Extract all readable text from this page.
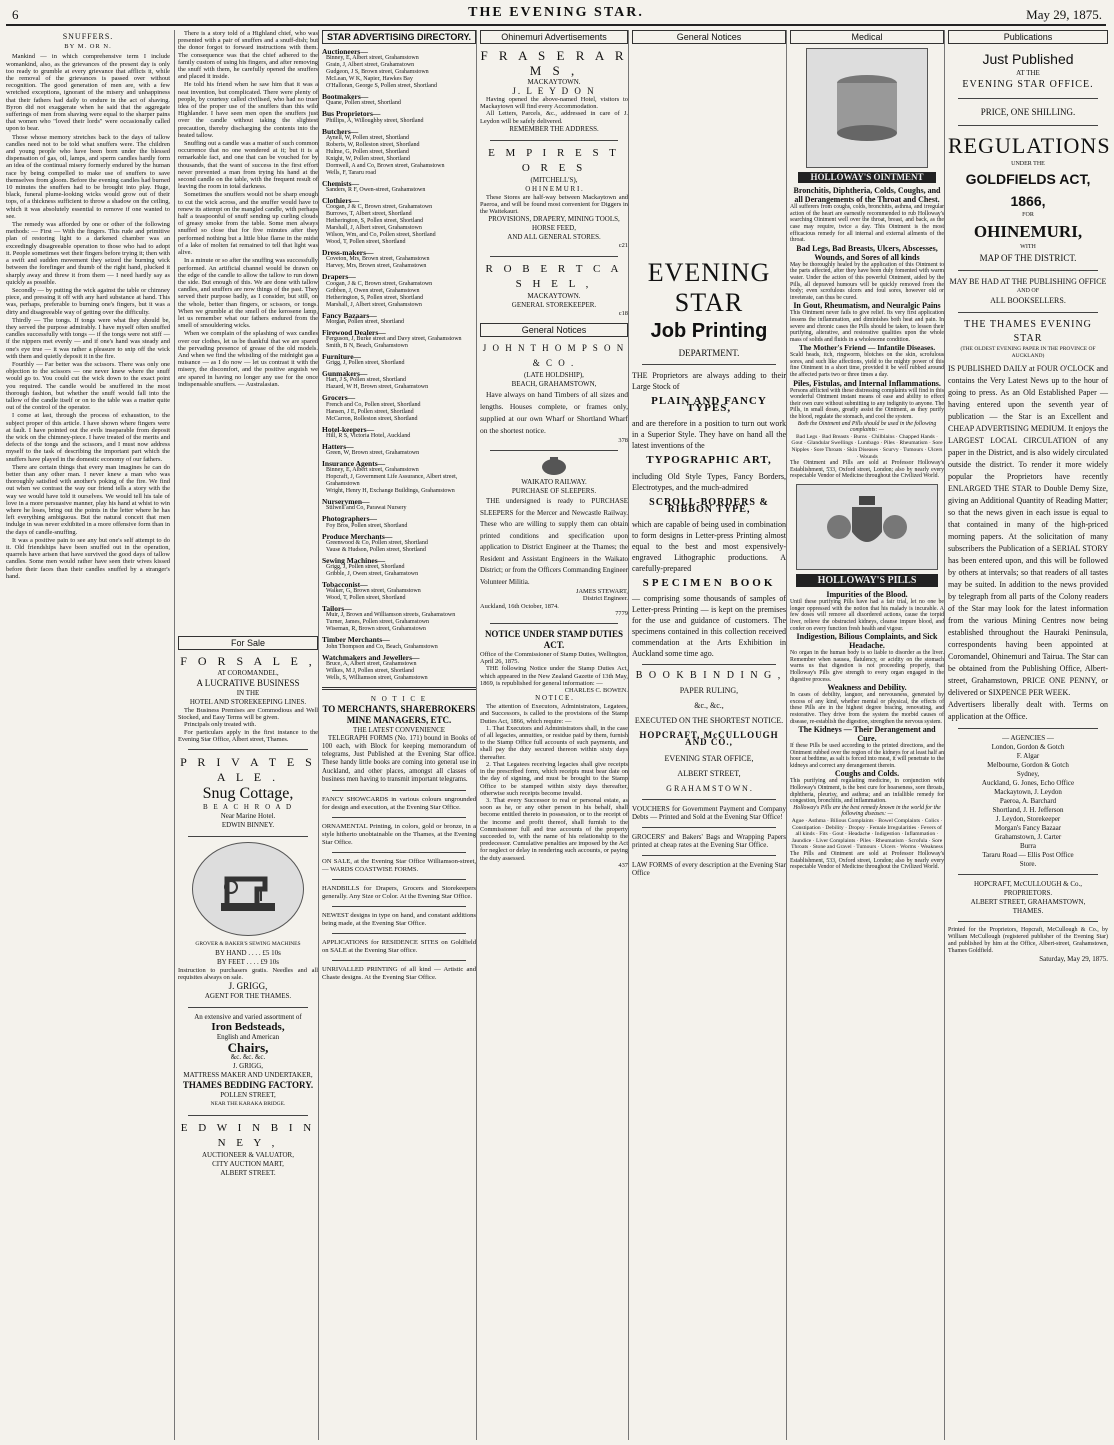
6	THE EVENING STAR.	May 29, 1875.
SNUFFERS.
BY M. OR N.

Mankind — in which comprehensive term I include womankind, also, as the grievances of the present day is only too ready to grumble at every grievance that afflicts it, while the removal of the grievances is passed over without recognition. The good generation of men are, with a few wretched exceptions, ignorant of the misery and unhappiness that their fathers had daily to endure in the act of shaving. Byron did not exaggerate when he said that the aggregate sufferings of men from shaving were equal to the sharper pains that women who "loved their lords" were occasionally called upon to bear.

Those whose memory stretches back to the days of tallow candles need not to be told what snuffers were. The children and young people who have been born under the blessed dispensation of gas, oil, lamps, and sperm candles hardly form an idea of the continual misery formerly endured by the human race by being compelled to make use of snuffers to save themselves from gloom. Before the evening candles had burned 10 minutes the snuffers had to be brought into play. Huge, black, funeral plume-looking wicks would grow out of their tops, of a thickness sufficient to throw a shadow on the ceiling, which it was absolutely essential to remove if one wanted to see.

The remedy was afforded by one or other of the following methods: — First — With the fingers. This rude and primitive plan of restoring light to a darkened chamber was an exceedingly disagreeable operation to those who had to adopt it. People sometimes wet their fingers before trying it; then with a swift and sudden movement they seized the burning wick between the forefinger and thumb of the right hand, plucked it sharply away and threw it from them — I need hardly say as quickly as possible.

Secondly — by putting the wick against the table or chimney piece, and pressing it off with any hard substance at hand. This was, perhaps, preferable to burning one's fingers, but it was a dirty and disagreeable way of getting over the difficulty.

Thirdly — The tongs. If tongs were what they should be, they served the purpose admirably. I have myself often snuffed candles successfully with tongs — if the tongs were not stiff — if the nippers met evenly — and if one's hand was steady and one's eye true — it was rather a pleasure to snip off the wick with them and quietly deposit it in the fire.

Fourthly — Far better was the scissors. There was only one objection to the scissors — one never knew where the snuff would go to. You could cut the wick down to the exact point you required. The candle would be snuffered in the most thorough fashion, but whether the snuff would fall into the tallow of the candle itself or on to the table was a matter quite out of the control of the operator.

I come at last, through the process of exhaustion, to the subject proper of this article. I have shown where fingers were at fault. I have pointed out the evils inseparable from deposit the wick on the chimney-piece. I have treated of the merits and defects of the tongs and the scissors, and I must now address myself to the task of describing the important part which the snuffers have played in the domestic economy of our fathers.

There are certain things that every man imagines he can do better than any other man. I never knew a man who was thoroughly satisfied with another's poking of the fire. We find out when we contrast the way our friend tells a story with the way we would have told it ourselves. We would tell his tale of love in a more persuasive manner, play his hand at whist to win where he loses, bring out the points in the letter where he has left everything ambiguous. But the natural conceit that men indulge in was never exhibited in a more offensive form than in the days of candle-snuffing.

It was a positive pain to see any but one's self attempt to do it. Old friendships have been snuffed out in the operation, quarrels have arisen that have survived the good days of tallow candles. Some men would rather have seen their wives kissed before their faces than their candles snuffed by a stranger's hand.

There is a story told of a Highland chief, who was presented with a pair of snuffers and a snuff-dish; but the donor forgot to forward instructions with them. The consequence was that the chief adhered to the family custom of using his fingers, and after removing the snuff with them, he carefully opened the snuffers and placed it inside.

He told his friend when he saw him that it was a neat invention, but complicated. There were plenty of people, by courtesy called civilised, who had no truer idea of the proper use of the snuffers than this wild Highlander. I have seen men open the snuffers just over the candle without taking the slightest precaution, thereby discharging the contents into the heated tallow.

Snuffing out a candle was a matter of such common occurrence that no one wondered at it; but it is a remarkable fact, and one that can be vouched for by thousands, that the want of success in the first effort never prevented a man from trying his hand at the second candle on the table, with the frequent result of leaving the room in total darkness.

Sometimes the snuffers would not be sharp enough to cut the wick across, and the snuffer would have to renew its attempt on the mangled candle, with perhaps half a teaspoonful of snuff sending up curling clouds of greasy smoke from the table. Some men always snuffed so close that for five minutes after they performed nothing but a little blue flame in the midst of a lake of molten fat remained to tell that light was alive.

In a minute or so after the snuffing was successfully performed. An artificial channel would be drawn on the edge of the candle to allow the tallow to run down the side. But enough of this. We are done with tallow candles, and snuffers are now things of the past. They served their purpose badly, as I consider, but still, on the whole, better than fingers, or scissors, or tongs. When we grumble at the smell of the kerosene lamp, let us remember what our fathers endured from the smell of smouldering wicks.

When we complain of the splashing of wax candles over our clothes, let us be thankful that we are spared the pervading presence of grease of the old models. And when we find the whistling of the midnight gas a nuisance — as I do now — let us contrast it with the misery, the discomfort, and the positive anguish we are spared in having no longer any use for the once indispensable snuffers. — Australasian.

For Sale
F O R S A L E ,
AT COROMANDEL,
A LUCRATIVE BUSINESS
IN THE
HOTEL AND STOREKEEPING LINES.

The Business Premises are Commodious and Well Stocked, and Easy Terms will be given.

Principals only treated with.

For particulars apply in the first instance to the Evening Star Office, Albert street, Thames.

P R I V A T E S A L E .
Snug Cottage,
B E A C H R O A D
Near Marine Hotel.
EDWIN BINNEY.
GROVER & BAKER'S SEWING MACHINES
BY HAND . . . . £5 10s
BY FEET . . . . £9 10s

Instruction to purchasers gratis. Needles and all requisites always on sale.

J. GRIGG,
AGENT FOR THE THAMES.
An extensive and varied assortment of
Iron Bedsteads,
English and American
Chairs,
&c. &c. &c.
J. GRIGG,
MATTRESS MAKER AND UNDERTAKER,
THAMES BEDDING FACTORY.
POLLEN STREET,
NEAR THE KARAKA BRIDGE.
E D W I N B I N N E Y ,
AUCTIONEER & VALUATOR,
CITY AUCTION MART,
ALBERT STREET.
STAR ADVERTISING DIRECTORY.
Auctioneers—
Binney, E, Albert street, Grahamstown
Grain, J, Albert street, Grahamstown
Gudgeon, J S, Brown street, Grahamstown
McLean, W K, Napier, Hawkes Bay
O'Halloran, George S, Pollen street, Shortland
Bootmakers—
Quane, Pollen street, Shortland
Bus Proprietors—
Phillips, A, Willoughby street, Shortland
Butchers—
Aynell, W, Pollen street, Shortland
Roberts, W, Rolleston street, Shortland
Hulme, G, Pollen street, Shortland
Knight, W, Pollen street, Shortland
Dornwell, A and Co, Brown street, Grahamstown
Wells, F, Tararu road
Chemists—
Sanders, R F, Owen-street, Grahamstown
Clothiers—
Coogan, J & C, Brown street, Grahamstown
Burrows, T, Albert street, Shortland
Hetherington, S, Pollen street, Shortland
Marshall, J, Albert street, Grahamstown
Wilson, Wm, and Co, Pollen street, Shortland
Wood, T, Pollen street, Shortland
Dress-makers—
Coveton, Mrs, Brown street, Grahamstown
Harvey, Mrs, Brown street, Grahamstown
Drapers—
Coogan, J & C, Brown street, Grahamstown
Gribben, J, Owen street, Grahamstown
Hetherington, S, Pollen street, Shortland
Marshall, J, Albert street, Grahamstown
Fancy Bazaars—
Morgan, Pollen street, Shortland
Firewood Dealers—
Ferguson, J, Burke street and Davy street, Grahamstown
Smith, B N, Beach, Grahamstown
Furniture—
Grigg, J, Pollen street, Shortland
Gunmakers—
Hart, J S, Pollen street, Shortland
Hazard, W H, Brown street, Grahamstown
Grocers—
French and Co, Pollen street, Shortland
Hansen, J E, Pollen street, Shortland
McCarron, Rolleston street, Shortland
Hotel-keepers—
Hill, R S, Victoria Hotel, Auckland
Hatters—
Green, W, Brown street, Grahamstown
Insurance Agents—
Binney, E, Albert street, Grahamstown
Hopcraft, J, Government Life Assurance, Albert street, Grahamstown
Wright, Henry H, Exchange Buildings, Grahamstown
Nurserymen—
Stilwell and Co, Parawai Nursery
Photographers—
Foy Bros, Pollen street, Shortland
Produce Merchants—
Greenwood & Co, Pollen street, Shortland
Vause & Hudson, Pollen street, Shortland
Sewing Machines—
Grigg, J, Pollen street, Shortland
Gribble, J, Owen street, Grahamstown
Tobacconist—
Walker, G, Brown street, Grahamstown
Wood, T, Pollen street, Shortland
Tailors—
Muir, J, Brown and Williamson streets, Grahamstown
Turner, James, Pollen street, Grahamstown
Wiseman, R, Brown street, Grahamstown
Timber Merchants—
John Thompson and Co, Beach, Grahamstown
Watchmakers and Jewellers—
Bruce, A, Albert street, Grahamstown
Wilkes, M J, Pollen street, Shortland
Wells, S, Williamson street, Grahamstown
N O T I C E
TO MERCHANTS, SHAREBROKERS MINE MANAGERS, ETC.
THE LATEST CONVENIENCE

TELEGRAPH FORMS (No. 171) bound in Books of 100 each, with Block for keeping memorandum of telegrams, Just Published at the Evening Star office. These handy little books are coming into general use in Auckland, and other places, amongst all classes of business men having to transmit important telegrams.

FANCY SHOWCARDS in various colours ungrounded for design and execution, at the Evening Star Office.

ORNAMENTAL Printing, in colors, gold or bronze, in a style hitherto unobtainable on the Thames, at the Evening Star Office.

ON SALE, at the Evening Star Office Williamson-street, — WARDS COASTWISE FORMS.

HANDBILLS for Drapers, Grocers and Storekeepers generally. Any Size or Color. At the Evening Star Office.

NEWEST designs in type on hand, and constant additions being made, at the Evening Star Office.

APPLICATIONS for RESIDENCE SITES on Goldfield on SALE at the Evening Star office.

UNRIVALLED PRINTING of all kind — Artistic and Chaste designs. At the Evening Star Office.

Ohinemuri Advertisements
F R A S E R A R M S ,
MACKAYTOWN.
J. L E Y D O N

Having opened the above-named Hotel, visitors to Mackaytown will find every Accommodation.

All Letters, Parcels, &c., addressed in care of J. Leydon will be safely delivered.

REMEMBER THE ADDRESS.
E M P I R E S T O R E S
(MITCHELL'S),
O H I N E M U R I .

These Stores are half-way between Mackaytown and Paeroa, and will be found most convenient for Diggers in the Waitekauri.

PROVISIONS, DRAPERY, MINING TOOLS, HORSE FEED,
AND ALL GENERAL STORES.
c21
R O B E R T C A S H E L ,
MACKAYTOWN.
GENERAL STOREKEEPER.
c18
General Notices
J O H N T H O M P S O N & C O .
(LATE HOLDSHIP),
BEACH, GRAHAMSTOWN,

Have always on hand Timbers of all sizes and lengths. Houses complete, or frames only, supplied at our own Wharf or Shortland Wharf on the shortest notice.

378
WAIKATO RAILWAY.
PURCHASE OF SLEEPERS.

THE undersigned is ready to PURCHASE SLEEPERS for the Mercer and Newcastle Railway. These who are willing to supply them can obtain printed conditions and specification upon application to District Engineer at the Thames; the Resident and Assistant Engineers in the Waikato District; or from the Officers Commanding Engineer Volunteer Militia.

JAMES STEWART,
District Engineer.
Auckland, 16th October, 1874.
7779
NOTICE UNDER STAMP DUTIES ACT.

Office of the Commissioner of Stamp Duties, Wellington, April 26, 1875.

THE following Notice under the Stamp Duties Act, which appeared in the New Zealand Gazette of 13th May, 1869, is republished for general information: —

CHARLES C. BOWEN.
N O T I C E .

The attention of Executors, Administrators, Legatees, and Successors, is called to the provisions of the Stamp Duties Act, 1866, which require: —

1. That Executors and Administrators shall, in the case of all legacies, annuities, or residue paid by them, furnish to the Stamp Office full accounts of such payments, and shall pay the duty secured thereon within sixty days thereafter.

2. That Legatees receiving legacies shall give receipts in the prescribed form, which receipts must bear date on the day of signing, and must be brought to the Stamp Office to be stamped within sixty days thereafter, otherwise such receipts become invalid.

3. That every Successor to real or personal estate, as soon as he, or any other person in his behalf, shall become entitled thereto in possession, or to the receipt of the income and profit thereof, shall furnish to the Commissioner full and true accounts of the property succeeded to, with the name of his relationship to the predecessor. Cumulative penalties are imposed by the Act for neglect or delay in rendering such accounts, or paying the duty assessed.

437
General Notices
EVENING STAR
Job Printing
DEPARTMENT.
THE Proprietors are always adding to their Large Stock of
PLAIN AND FANCY TYPES,
and are therefore in a position to turn out work in a Superior Style. They have on hand all the latest inventions of the
TYPOGRAPHIC ART,
including Old Style Types, Fancy Borders, Electrotypes, and the much-admired
SCROLL-BORDERS & RIBBON TYPE,
which are capable of being used in combination to form designs in Letter-press Printing almost equal to the best and most expensively-engraved Lithographic productions. A carefully-prepared
SPECIMEN BOOK
— comprising some thousands of samples of Letter-press Printing — is kept on the premises for the use and guidance of customers. The specimens contained in this collection received commendation at the Arts Exhibition in Auckland some time ago.
B O O K B I N D I N G ,
PAPER RULING,
&c., &c.,
EXECUTED ON THE SHORTEST NOTICE.
HOPCRAFT, McCULLOUGH AND CO.,
EVENING STAR OFFICE,
ALBERT STREET,
G R A H A M S T O W N .

VOUCHERS for Government Payment and Company Debts — Printed and Sold at the Evening Star Office!

GROCERS' and Bakers' Bags and Wrapping Papers printed at cheap rates at the Evening Star Office.

LAW FORMS of every description at the Evening Star Office

Medical
HOLLOWAY'S OINTMENT
Bronchitis, Diphtheria, Colds, Coughs, and all Derangements of the Throat and Chest.

All sufferers from coughs, colds, bronchitis, asthma, and irregular action of the heart are earnestly recommended to rub Holloway's searching Ointment well over the throat, breast, and back, as the case may require, twice a day. This Ointment is the most efficacious remedy for all internal and external ailments of the throat.

Bad Legs, Bad Breasts, Ulcers, Abscesses, Wounds, and Sores of all kinds

May be thoroughly healed by the application of this Ointment to the parts affected, after they have been duly fomented with warm water. Under the action of this powerful Ointment, aided by the Pills, all depraved humours will be quickly removed from the body; even scrofulous ulcers and foul sores, however old or inveterate, can thus be cured.

In Gout, Rheumatism, and Neuralgic Pains

This Ointment never fails to give relief. Its very first application lessens the inflammation, and diminishes both heat and pain. In severe and chronic cases the Pills should be taken, to lessen their purifying, alterative, and restorative qualities upon the whole mass of solids and fluids in a wholesome condition.

The Mother's Friend — Infantile Diseases.

Scald heads, itch, ringworm, blotches on the skin, scrofulous sores, and such like affections, yield to the mighty power of this fine Ointment in a short time, provided it be well rubbed around the affected parts two or three times a day.

Piles, Fistulas, and Internal Inflammations.

Persons afflicted with these distressing complaints will find in this wonderful Ointment instant means of ease and ability to effect their own cure without submitting to any indignity to anyone. The Pills, in small doses, greatly assist the Ointment, as they purify the blood, regulate the stomach, and cool the system.

Both the Ointment and Pills should be used in the following complaints: —

Bad Legs · Bad Breasts · Burns · Chilblains · Chapped Hands · Gout · Glandular Swellings · Lumbago · Piles · Rheumatism · Sore Nipples · Sore Throats · Skin Diseases · Scurvy · Tumours · Ulcers · Wounds

The Ointment and Pills are sold at Professor Holloway's Establishment, 533, Oxford street, London; also by nearly every respectable Vendor of Medicine throughout the Civilized World.

HOLLOWAY'S PILLS
Impurities of the Blood.

Until these purifying Pills have had a fair trial, let no one be longer oppressed with the notion that his malady is incurable. A few doses will remove all disordered actions, cause the torpid liver, relieve the obstructed kidneys, cleanse impure blood, and confer on every function fresh health and vigour.

Indigestion, Bilious Complaints, and Sick Headache.

No organ in the human body is so liable to disorder as the liver. Remember when nausea, flatulency, or acidity on the stomach warns us that digestion is not proceeding properly, that Holloway's Pills give strength to every organ engaged in the digestive process.

Weakness and Debility.

In cases of debility, languor, and nervousness, generated by excess of any kind, whether mental or physical, the effects of these Pills are in the highest degree bracing, renovating, and restorative. They drive from the system the morbid causes of disease, re-establish the digestion, strengthen the nervous system.

The Kidneys — Their Derangement and Cure.

If these Pills be used according to the printed directions, and the Ointment rubbed over the region of the kidneys for at least half an hour at bedtime, as salt is forced into meat, it will penetrate to the kidneys and correct any derangement therein.

Coughs and Colds.

This purifying and regulating medicine, in conjunction with Holloway's Ointment, is the best cure for hoarseness, sore throats, diphtheria, pleurisy, and asthma; and an infallible remedy for congestion, bronchitis, and inflammation.

Holloway's Pills are the best remedy known in the world for the following diseases: —

Ague · Asthma · Bilious Complaints · Bowel Complaints · Colics · Constipation · Debility · Dropsy · Female Irregularities · Fevers of all kinds · Fits · Gout · Headache · Indigestion · Inflammation · Jaundice · Liver Complaints · Piles · Rheumatism · Scrofula · Sore Throats · Stone and Gravel · Tumours · Ulcers · Worms · Weakness

The Pills and Ointment are sold at Professor Holloway's Establishment, 533, Oxford street, London; also by nearly every respectable Vendor of Medicine throughout the Civilized World.

Publications
Just Published
AT THE
EVENING STAR OFFICE.
PRICE, ONE SHILLING.
REGULATIONS
UNDER THE
GOLDFIELDS ACT, 1866,
FOR
OHINEMURI,
WITH
MAP OF THE DISTRICT.
MAY BE HAD AT THE PUBLISHING OFFICE
AND OF
ALL BOOKSELLERS.
THE THAMES EVENING STAR
(THE OLDEST EVENING PAPER IN THE PROVINCE OF AUCKLAND)
IS PUBLISHED DAILY at FOUR O'CLOCK and contains the Very Latest News up to the hour of going to press. As an Old Established Paper — having entered upon the seventh year of publication — the Star is an Excellent and CHEAP ADVERTISING MEDIUM. It enjoys the LARGEST LOCAL CIRCULATION of any paper in the District, and is also widely circulated outside the district. To render it more widely popular the Proprietors have recently ENLARGED THE STAR to Double Demy Size, giving an Additional Quantity of Reading Matter; so that the news given in each issue is equal to that contained in many of the high-priced morning papers. At the solicitation of many subscribers the Publication of a SERIAL STORY has been entered upon, and this will be followed by others at intervals; so that readers of all tastes may be suited. In addition to the news provided by telegraph from all parts of the Colony readers of the Star may look for the latest information from the various Mining Centres now being established throughout the Hauraki Peninsula, correspondents having been appointed at Coromandel, Ohinemuri and Tairua. The Star can be obtained from the Publishing Office, Albert-street, Grahamstown, PRICE ONE PENNY, or delivered or SIXPENCE PER WEEK.
Advertisers liberally dealt with. Terms on application at the Office.
— AGENCIES —
London, Gordon & Gotch
F. Algar
Melbourne, Gordon & Gotch
Sydney,
Auckland, G. Jones, Echo Office
Mackaytown, J. Leydon
Paeroa, A. Barchard
Shortland, J. H. Jefferson
J. Leydon, Storekeeper
Morgan's Fancy Bazaar
Grahamstown, J. Carter
Burra
Tararu Road — Ellis Post Office
Store.
HOPCRAFT, McCULLOUGH & Co.,
PROPRIETORS.
ALBERT STREET, GRAHAMSTOWN,
THAMES.

Printed for the Proprietors, Hopcraft, McCullough & Co., by William McCullough (registered publisher of the Evening Star) and published by him at the Office, Albert-street, Grahamstown, Thames Goldfield.

Saturday, May 29, 1875.
